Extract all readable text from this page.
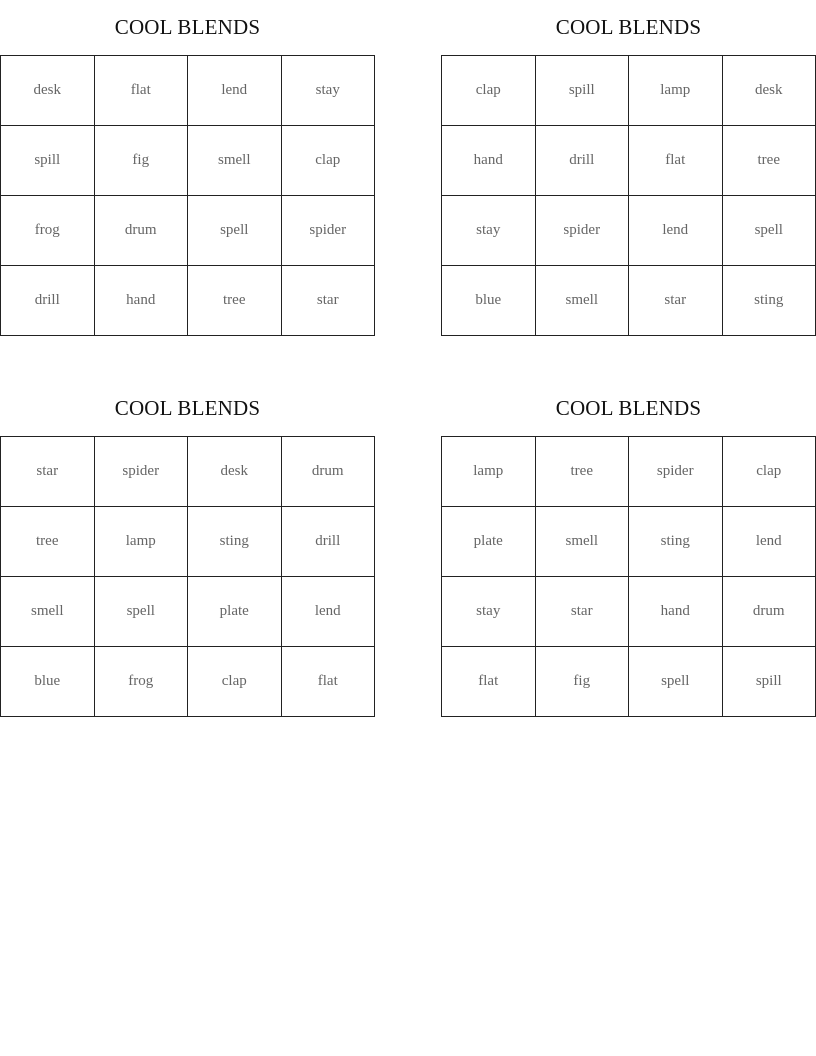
COOL BLENDS
desk	flat	lend	stay
spill	fig	smell	clap
frog	drum	spell	spider
drill	hand	tree	star
COOL BLENDS
clap	spill	lamp	desk
hand	drill	flat	tree
stay	spider	lend	spell
blue	smell	star	sting
COOL BLENDS
star	spider	desk	drum
tree	lamp	sting	drill
smell	spell	plate	lend
blue	frog	clap	flat
COOL BLENDS
lamp	tree	spider	clap
plate	smell	sting	lend
stay	star	hand	drum
flat	fig	spell	spill
